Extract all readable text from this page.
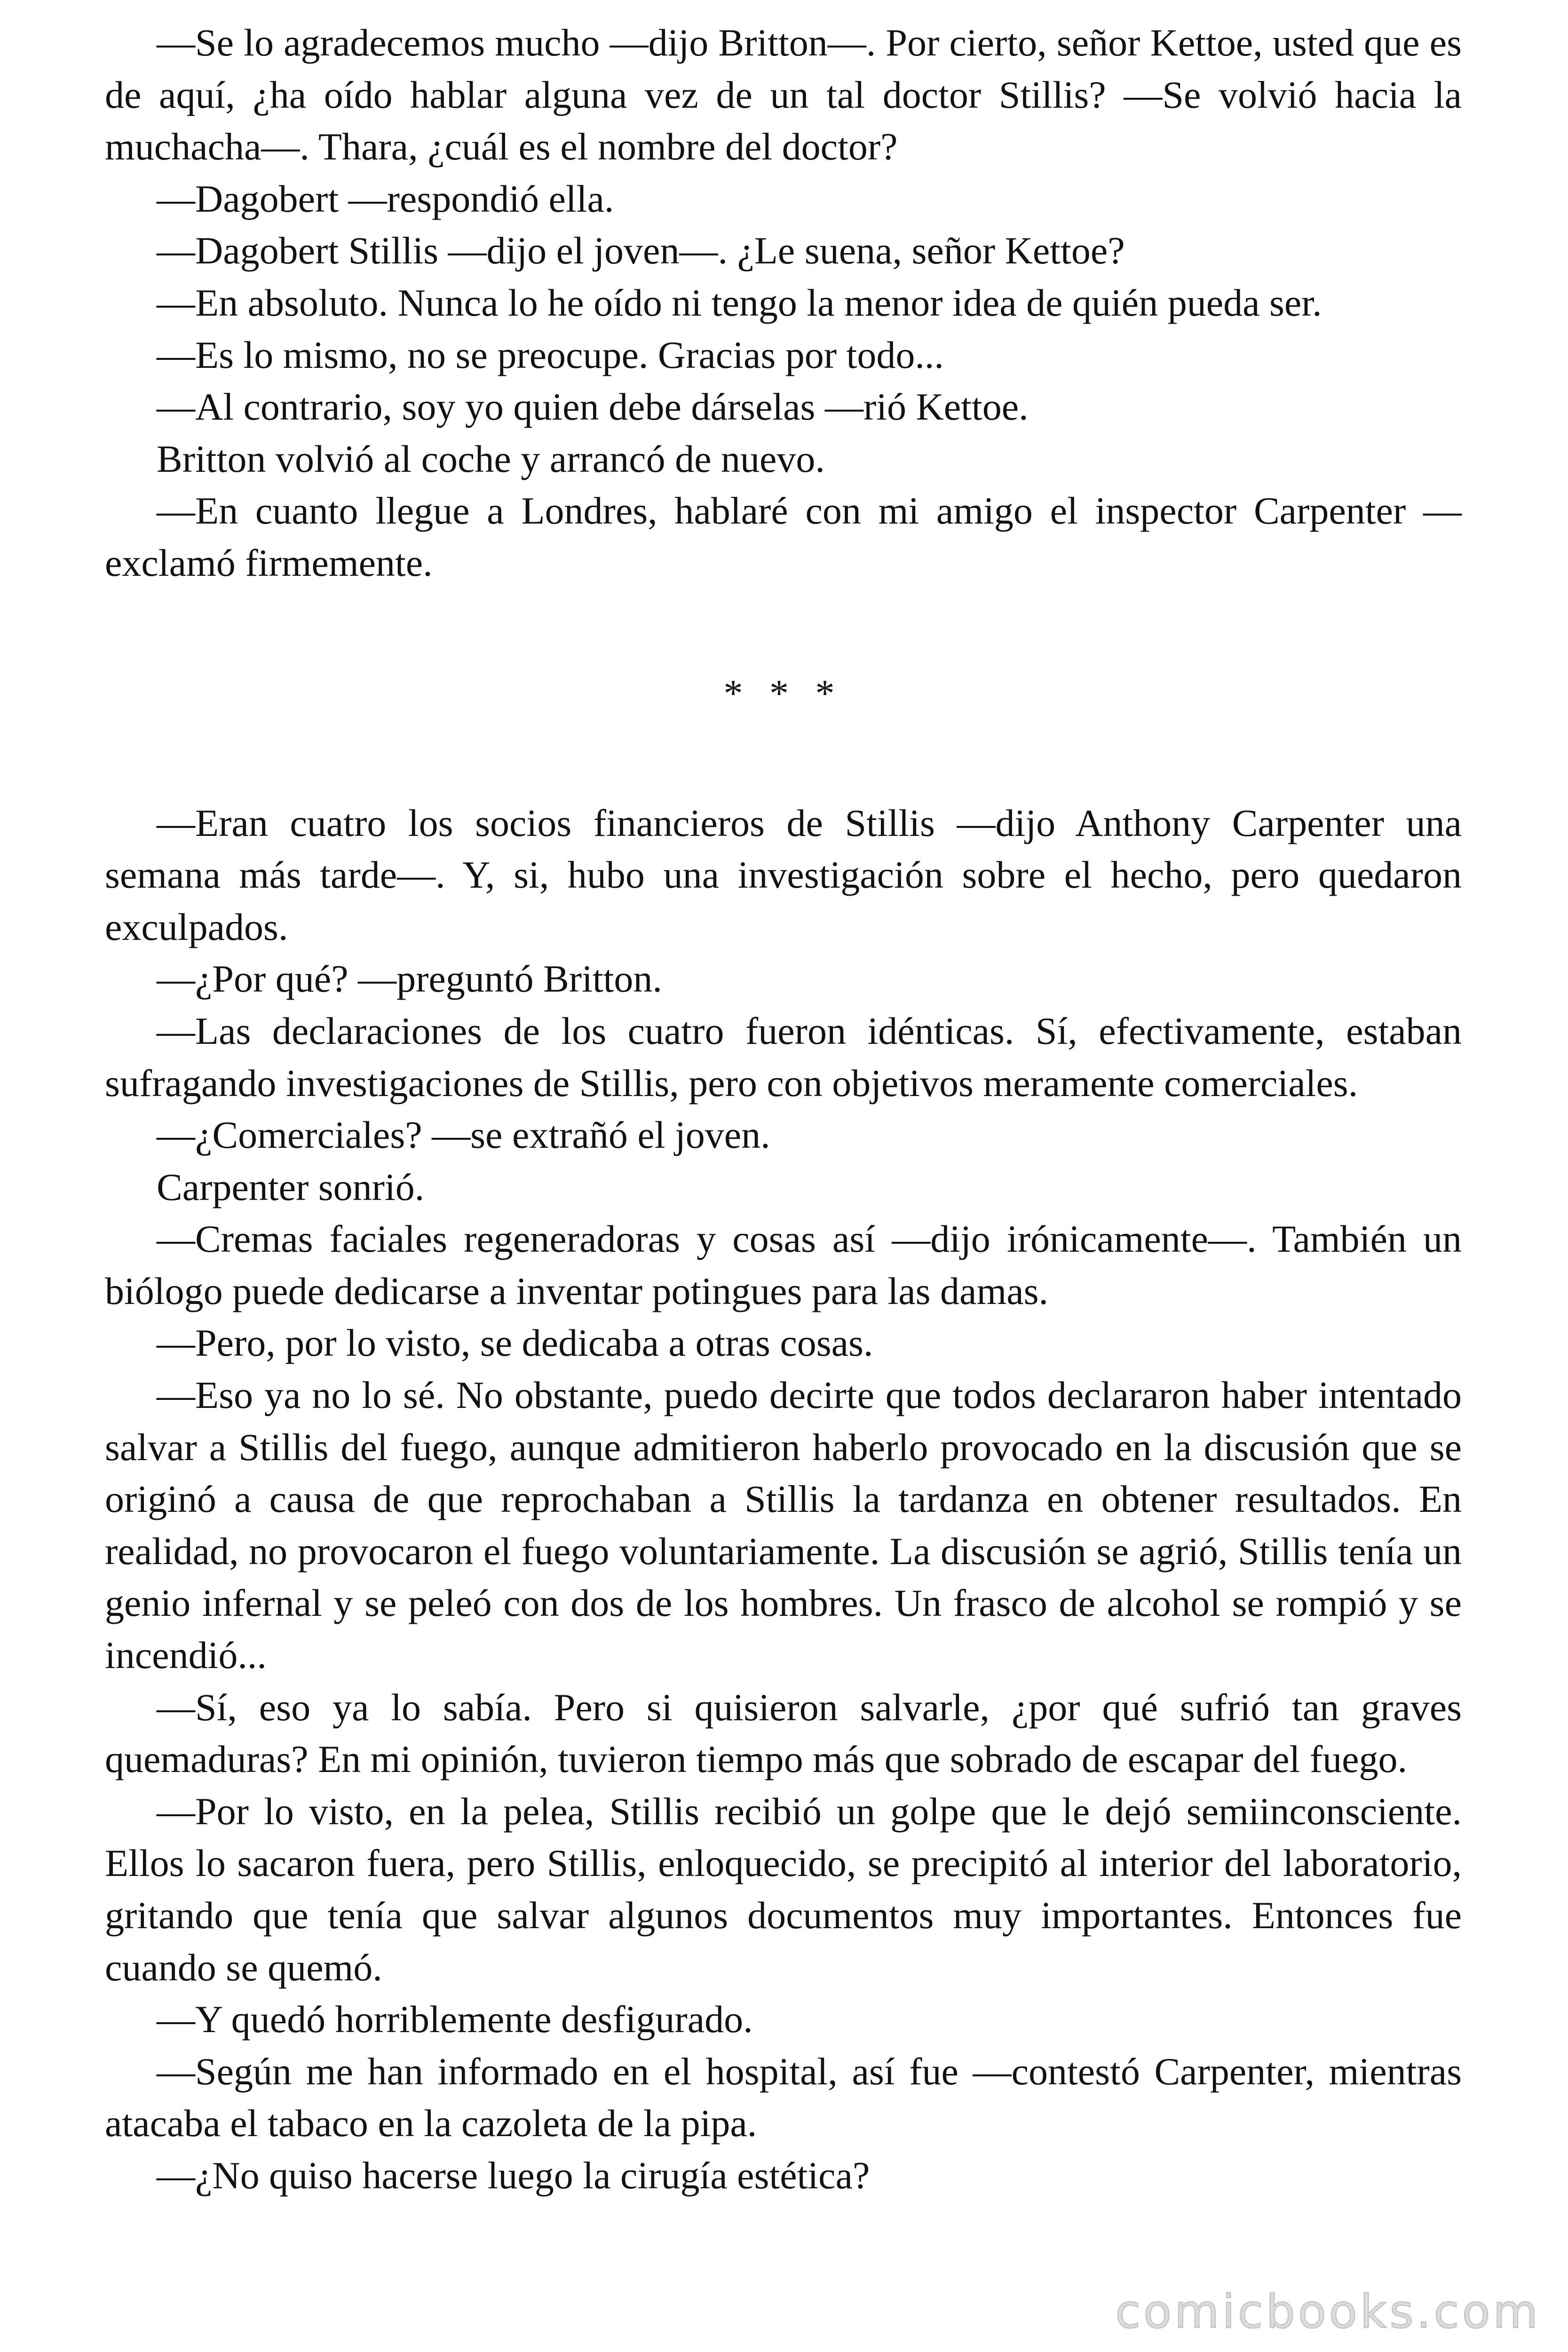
—Se lo agradecemos mucho —dijo Britton—. Por cierto, señor Kettoe, usted que es de aquí, ¿ha oído hablar alguna vez de un tal doctor Stillis? —Se volvió hacia la muchacha—. Thara, ¿cuál es el nombre del doctor?

—Dagobert —respondió ella.

—Dagobert Stillis —dijo el joven—. ¿Le suena, señor Kettoe?

—En absoluto. Nunca lo he oído ni tengo la menor idea de quién pueda ser.

—Es lo mismo, no se preocupe. Gracias por todo...

—Al contrario, soy yo quien debe dárselas —rió Kettoe.

Britton volvió al coche y arrancó de nuevo.

—En cuanto llegue a Londres, hablaré con mi amigo el inspector Carpenter —exclamó firmemente.

* * *

—Eran cuatro los socios financieros de Stillis —dijo Anthony Carpenter una semana más tarde—. Y, si, hubo una investigación sobre el hecho, pero quedaron exculpados.

—¿Por qué? —preguntó Britton.

—Las declaraciones de los cuatro fueron idénticas. Sí, efectivamente, estaban sufragando investigaciones de Stillis, pero con objetivos meramente comerciales.

—¿Comerciales? —se extrañó el joven.

Carpenter sonrió.

—Cremas faciales regeneradoras y cosas así —dijo irónicamente—. También un biólogo puede dedicarse a inventar potingues para las damas.

—Pero, por lo visto, se dedicaba a otras cosas.

—Eso ya no lo sé. No obstante, puedo decirte que todos declararon haber intentado salvar a Stillis del fuego, aunque admitieron haberlo provocado en la discusión que se originó a causa de que reprochaban a Stillis la tardanza en obtener resultados. En realidad, no provocaron el fuego voluntariamente. La discusión se agrió, Stillis tenía un genio infernal y se peleó con dos de los hombres. Un frasco de alcohol se rompió y se incendió...

—Sí, eso ya lo sabía. Pero si quisieron salvarle, ¿por qué sufrió tan graves quemaduras? En mi opinión, tuvieron tiempo más que sobrado de escapar del fuego.

—Por lo visto, en la pelea, Stillis recibió un golpe que le dejó semiinconsciente. Ellos lo sacaron fuera, pero Stillis, enloquecido, se precipitó al interior del laboratorio, gritando que tenía que salvar algunos documentos muy importantes. Entonces fue cuando se quemó.

—Y quedó horriblemente desfigurado.

—Según me han informado en el hospital, así fue —contestó Carpenter, mientras atacaba el tabaco en la cazoleta de la pipa.

—¿No quiso hacerse luego la cirugía estética?

comicbooks.com
